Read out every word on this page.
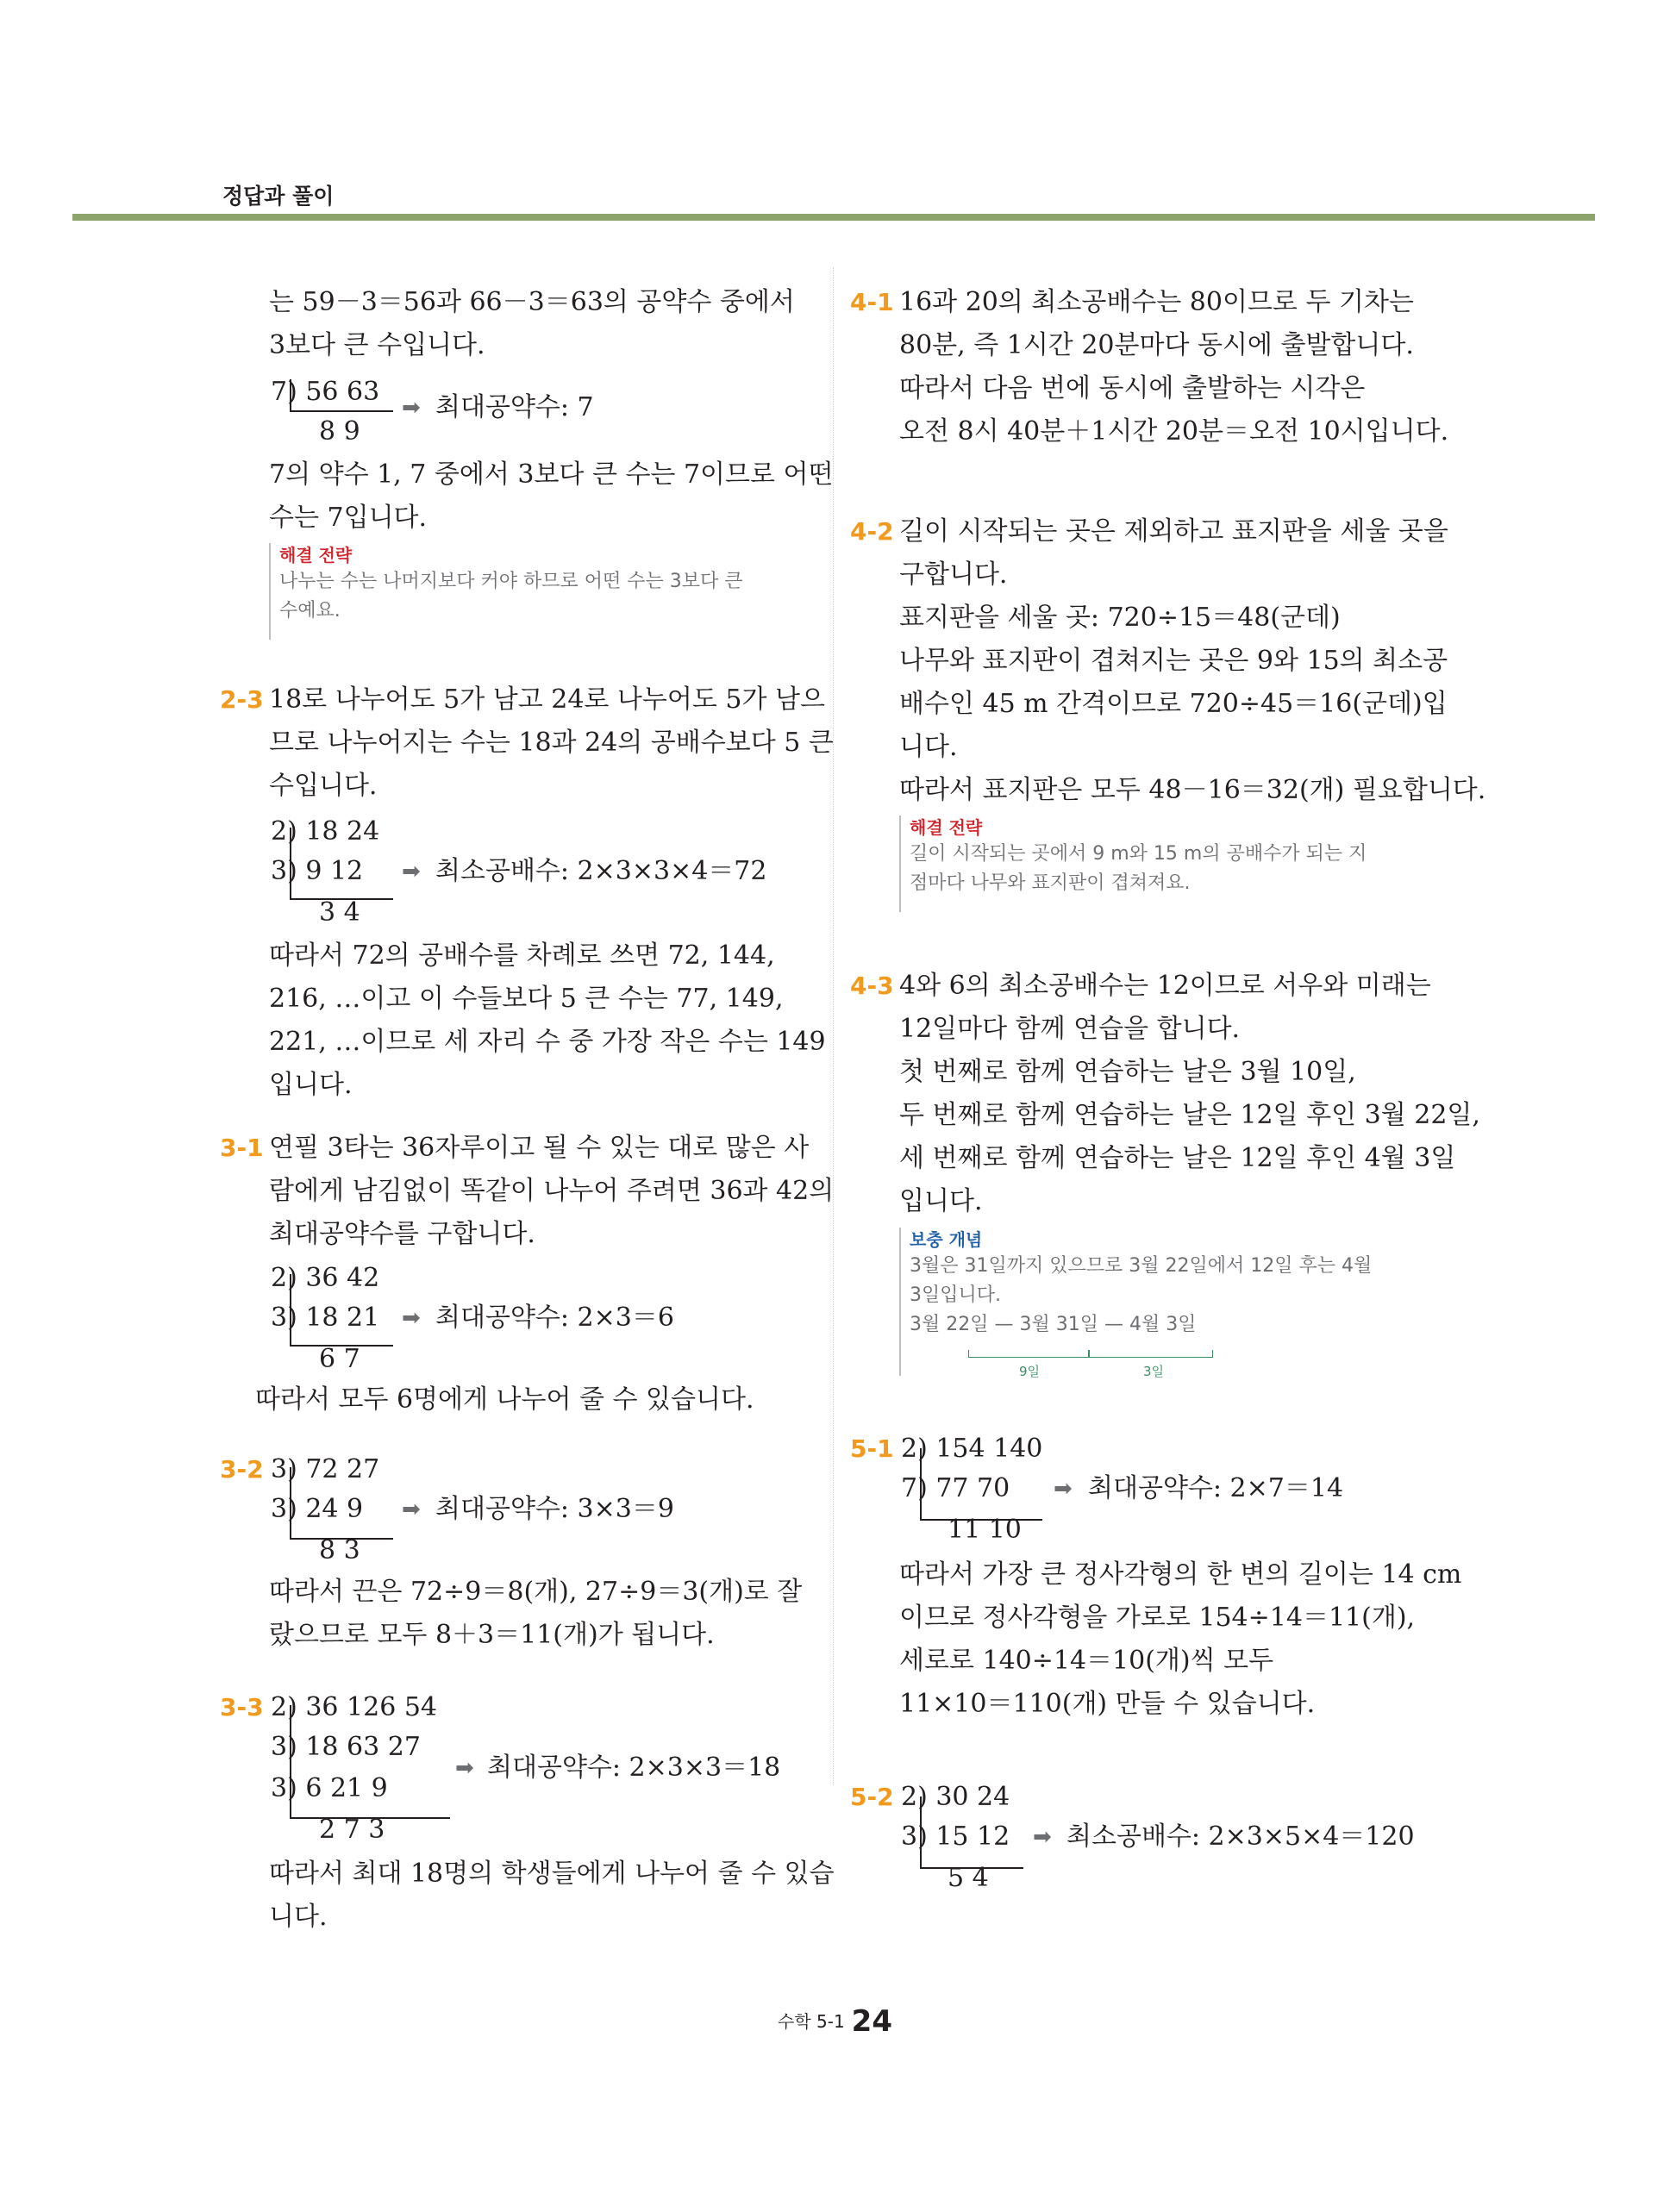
정답과 풀이
는 59－3＝56과 66－3＝63의 공약수 중에서
3보다 큰 수입니다.
7) 56 63
8 9
➡ 최대공약수: 7
7의 약수 1, 7 중에서 3보다 큰 수는 7이므로 어떤
수는 7입니다.
해결 전략
나누는 수는 나머지보다 커야 하므로 어떤 수는 3보다 큰
수예요.
2-3 18로 나누어도 5가 남고 24로 나누어도 5가 남으
므로 나누어지는 수는 18과 24의 공배수보다 5 큰
수입니다.
2) 18 24
3) 9 12
3 4
➡ 최소공배수: 2×3×3×4＝72
따라서 72의 공배수를 차례로 쓰면 72, 144,
216, …이고 이 수들보다 5 큰 수는 77, 149,
221, …이므로 세 자리 수 중 가장 작은 수는 149
입니다.
3-1 연필 3타는 36자루이고 될 수 있는 대로 많은 사
람에게 남김없이 똑같이 나누어 주려면 36과 42의
최대공약수를 구합니다.
2) 36 42
3) 18 21
6 7
➡ 최대공약수: 2×3＝6
따라서 모두 6명에게 나누어 줄 수 있습니다.
3-2 3) 72 27
3) 24 9
8 3
➡ 최대공약수: 3×3＝9
따라서 끈은 72÷9＝8(개), 27÷9＝3(개)로 잘
랐으므로 모두 8＋3＝11(개)가 됩니다.
3-3 2) 36 126 54
3) 18 63 27
3) 6 21 9
2 7 3
➡ 최대공약수: 2×3×3＝18
따라서 최대 18명의 학생들에게 나누어 줄 수 있습
니다.
4-1 16과 20의 최소공배수는 80이므로 두 기차는
80분, 즉 1시간 20분마다 동시에 출발합니다.
따라서 다음 번에 동시에 출발하는 시각은
오전 8시 40분＋1시간 20분＝오전 10시입니다.
4-2 길이 시작되는 곳은 제외하고 표지판을 세울 곳을
구합니다.
표지판을 세울 곳: 720÷15＝48(군데)
나무와 표지판이 겹쳐지는 곳은 9와 15의 최소공
배수인 45 m 간격이므로 720÷45＝16(군데)입
니다.
따라서 표지판은 모두 48－16＝32(개) 필요합니다.
해결 전략
길이 시작되는 곳에서 9 m와 15 m의 공배수가 되는 지
점마다 나무와 표지판이 겹쳐져요.
4-3 4와 6의 최소공배수는 12이므로 서우와 미래는
12일마다 함께 연습을 합니다.
첫 번째로 함께 연습하는 날은 3월 10일,
두 번째로 함께 연습하는 날은 12일 후인 3월 22일,
세 번째로 함께 연습하는 날은 12일 후인 4월 3일
입니다.
보충 개념
3월은 31일까지 있으므로 3월 22일에서 12일 후는 4월
3일입니다.
3월 22일 — 3월 31일 — 4월 3일
9일	3일
5-1 2) 154 140
7) 77 70
11 10
➡ 최대공약수: 2×7＝14
따라서 가장 큰 정사각형의 한 변의 길이는 14 cm
이므로 정사각형을 가로로 154÷14＝11(개),
세로로 140÷14＝10(개)씩 모두
11×10＝110(개) 만들 수 있습니다.
5-2 2) 30 24
3) 15 12
5 4
➡ 최소공배수: 2×3×5×4＝120
수학 5-1 24
